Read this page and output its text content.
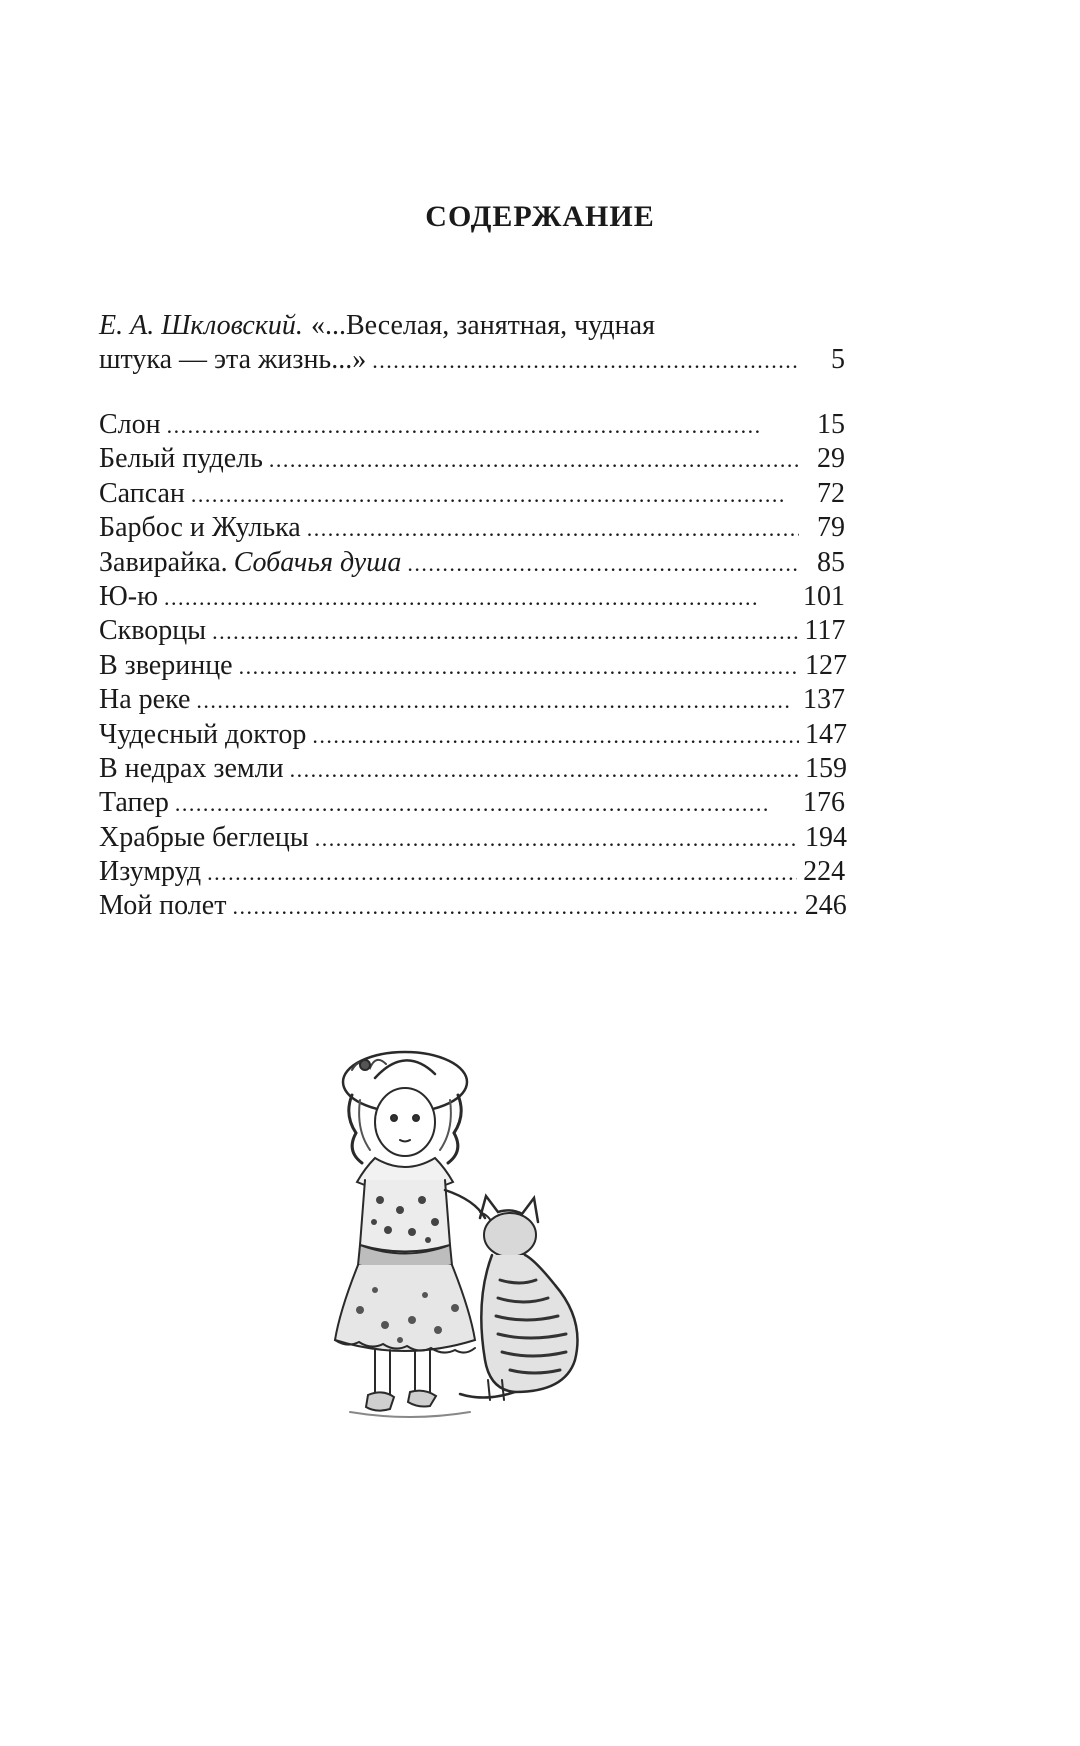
СОДЕРЖАНИЕ
Е. А. Шкловский. «...Веселая, занятная, чудная
штука — эта жизнь...» . . .	5
Слон . . .	15
Белый пудель . . .	29
Сапсан . . .	72
Барбос и Жулька . . .	79
Завирайка. Собачья душа . . .	85
Ю-ю . . .	101
Скворцы . . .	117
В зверинце . . .	127
На реке . . .	137
Чудесный доктор . . .	147
В недрах земли . . .	159
Тапер . . .	176
Храбрые беглецы . . .	194
Изумруд . . .	224
Мой полет . . .	246
